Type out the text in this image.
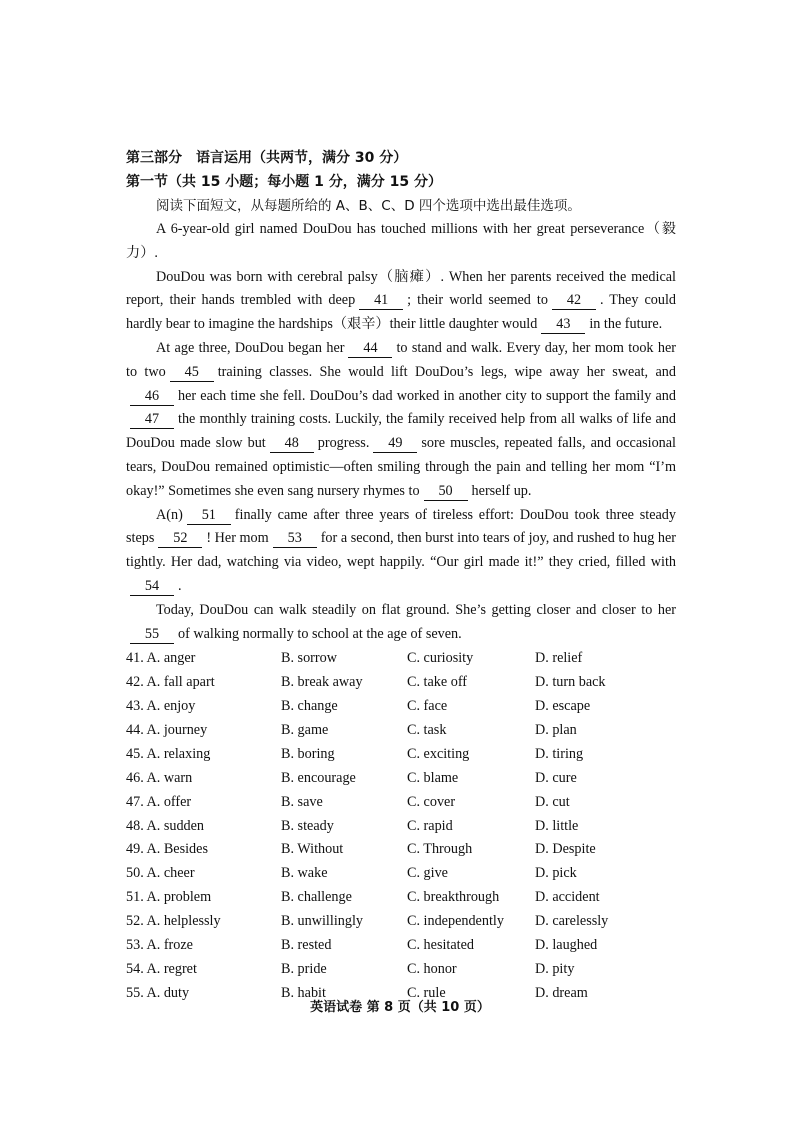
第三部分　语言运用（共两节，满分 30 分）
第一节（共 15 小题；每小题 1 分，满分 15 分）
阅读下面短文，从每题所给的 A、B、C、D 四个选项中选出最佳选项。

A 6-year-old girl named DouDou has touched millions with her great perseverance（毅力）.

DouDou was born with cerebral palsy（脑瘫）. When her parents received the medical report, their hands trembled with deep 41 ; their world seemed to 42 . They could hardly bear to imagine the hardships（艰辛）their little daughter would 43 in the future.

At age three, DouDou began her 44 to stand and walk. Every day, her mom took her to two 45 training classes. She would lift DouDou’s legs, wipe away her sweat, and46 her each time she fell. DouDou’s dad worked in another city to support the family and47 the monthly training costs. Luckily, the family received help from all walks of life and DouDou made slow but 48 progress. 49 sore muscles, repeated falls, and occasional tears, DouDou remained optimistic—often smiling through the pain and telling her mom “I’m okay!” Sometimes she even sang nursery rhymes to 50 herself up.

A(n) 51 finally came after three years of tireless effort: DouDou took three steady steps 52 ! Her mom 53 for a second, then burst into tears of joy, and rushed to hug her tightly. Her dad, watching via video, wept happily. “Our girl made it!” they cried, filled with54 .

Today, DouDou can walk steadily on flat ground. She’s getting closer and closer to her55 of walking normally to school at the age of seven.

41. A. anger	B. sorrow	C. curiosity	D. relief
42. A. fall apart	B. break away	C. take off	D. turn back
43. A. enjoy	B. change	C. face	D. escape
44. A. journey	B. game	C. task	D. plan
45. A. relaxing	B. boring	C. exciting	D. tiring
46. A. warn	B. encourage	C. blame	D. cure
47. A. offer	B. save	C. cover	D. cut
48. A. sudden	B. steady	C. rapid	D. little
49. A. Besides	B. Without	C. Through	D. Despite
50. A. cheer	B. wake	C. give	D. pick
51. A. problem	B. challenge	C. breakthrough	D. accident
52. A. helplessly	B. unwillingly	C. independently	D. carelessly
53. A. froze	B. rested	C. hesitated	D. laughed
54. A. regret	B. pride	C. honor	D. pity
55. A. duty	B. habit	C. rule	D. dream
英语试卷 第 8 页（共 10 页）
